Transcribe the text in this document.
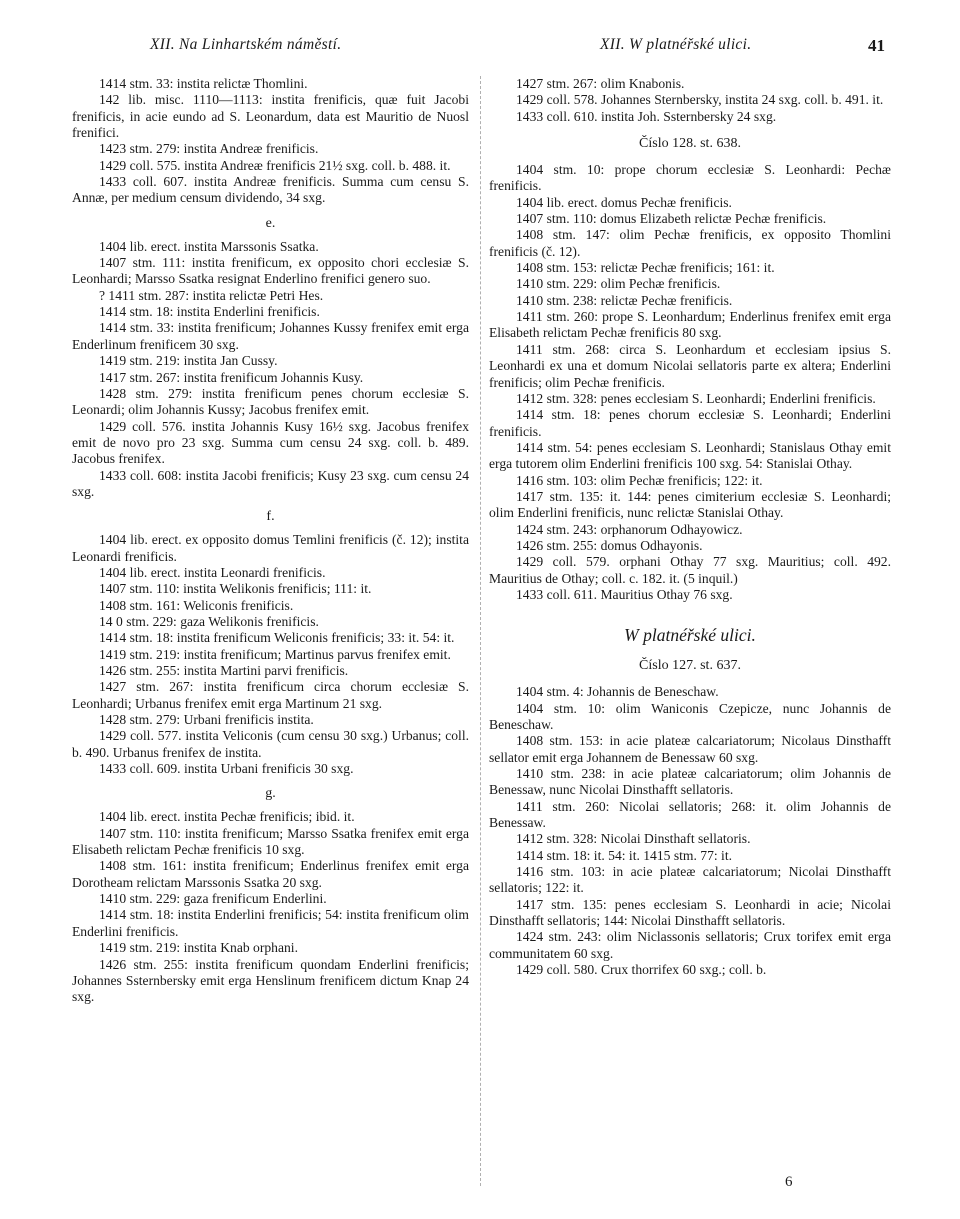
XII. Na Linhartském náměstí.	XII. W platnéřské ulici.	41

1414 stm. 33: instita relictæ Thomlini.

142 lib. misc. 1110—1113: instita frenificis, quæ fuit Jacobi frenificis, in acie eundo ad S. Leonardum, data est Mauritio de Nuosl frenifici.

1423 stm. 279: instita Andreæ frenificis.

1429 coll. 575. instita Andreæ frenificis 21½ sxg. coll. b. 488. it.

1433 coll. 607. instita Andreæ frenificis. Summa cum censu S. Annæ, per medium censum dividendo, 34 sxg.

e.

1404 lib. erect. instita Marssonis Ssatka.

1407 stm. 111: instita frenificum, ex opposito chori ecclesiæ S. Leonhardi; Marsso Ssatka resignat Enderlino frenifici genero suo.

? 1411 stm. 287: instita relictæ Petri Hes.

1414 stm. 18: instita Enderlini frenificis.

1414 stm. 33: instita frenificum; Johannes Kussy frenifex emit erga Enderlinum frenificem 30 sxg.

1419 stm. 219: instita Jan Cussy.

1417 stm. 267: instita frenificum Johannis Kusy.

1428 stm. 279: instita frenificum penes chorum ecclesiæ S. Leonardi; olim Johannis Kussy; Jacobus frenifex emit.

1429 coll. 576. instita Johannis Kusy 16½ sxg. Jacobus frenifex emit de novo pro 23 sxg. Summa cum censu 24 sxg. coll. b. 489. Jacobus frenifex.

1433 coll. 608: instita Jacobi frenificis; Kusy 23 sxg. cum censu 24 sxg.

f.

1404 lib. erect. ex opposito domus Temlini frenificis (č. 12); instita Leonardi frenificis.

1404 lib. erect. instita Leonardi frenificis.

1407 stm. 110: instita Welikonis frenificis; 111: it.

1408 stm. 161: Weliconis frenificis.

14 0 stm. 229: gaza Welikonis frenificis.

1414 stm. 18: instita frenificum Weliconis frenificis; 33: it. 54: it.

1419 stm. 219: instita frenificum; Martinus parvus frenifex emit.

1426 stm. 255: instita Martini parvi frenificis.

1427 stm. 267: instita frenificum circa chorum ecclesiæ S. Leonhardi; Urbanus frenifex emit erga Martinum 21 sxg.

1428 stm. 279: Urbani frenificis instita.

1429 coll. 577. instita Veliconis (cum censu 30 sxg.) Urbanus; coll. b. 490. Urbanus frenifex de instita.

1433 coll. 609. instita Urbani frenificis 30 sxg.

g.

1404 lib. erect. instita Pechæ frenificis; ibid. it.

1407 stm. 110: instita frenificum; Marsso Ssatka frenifex emit erga Elisabeth relictam Pechæ frenificis 10 sxg.

1408 stm. 161: instita frenificum; Enderlinus frenifex emit erga Dorotheam relictam Marssonis Ssatka 20 sxg.

1410 stm. 229: gaza frenificum Enderlini.

1414 stm. 18: instita Enderlini frenificis; 54: instita frenificum olim Enderlini frenificis.

1419 stm. 219: instita Knab orphani.

1426 stm. 255: instita frenificum quondam Enderlini frenificis; Johannes Ssternbersky emit erga Henslinum frenificem dictum Knap 24 sxg.

1427 stm. 267: olim Knabonis.

1429 coll. 578. Johannes Sternbersky, instita 24 sxg. coll. b. 491. it.

1433 coll. 610. instita Joh. Ssternbersky 24 sxg.

Číslo 128. st. 638.

1404 stm. 10: prope chorum ecclesiæ S. Leonhardi: Pechæ frenificis.

1404 lib. erect. domus Pechæ frenificis.

1407 stm. 110: domus Elizabeth relictæ Pechæ frenificis.

1408 stm. 147: olim Pechæ frenificis, ex opposito Thomlini frenificis (č. 12).

1408 stm. 153: relictæ Pechæ frenificis; 161: it.

1410 stm. 229: olim Pechæ frenificis.

1410 stm. 238: relictæ Pechæ frenificis.

1411 stm. 260: prope S. Leonhardum; Enderlinus frenifex emit erga Elisabeth relictam Pechæ frenificis 80 sxg.

1411 stm. 268: circa S. Leonhardum et ecclesiam ipsius S. Leonhardi ex una et domum Nicolai sellatoris parte ex altera; Enderlini frenificis; olim Pechæ frenificis.

1412 stm. 328: penes ecclesiam S. Leonhardi; Enderlini frenificis.

1414 stm. 18: penes chorum ecclesiæ S. Leonhardi; Enderlini frenificis.

1414 stm. 54: penes ecclesiam S. Leonhardi; Stanislaus Othay emit erga tutorem olim Enderlini frenificis 100 sxg. 54: Stanislai Othay.

1416 stm. 103: olim Pechæ frenificis; 122: it.

1417 stm. 135: it. 144: penes cimiterium ecclesiæ S. Leonhardi; olim Enderlini frenificis, nunc relictæ Stanislai Othay.

1424 stm. 243: orphanorum Odhayowicz.

1426 stm. 255: domus Odhayonis.

1429 coll. 579. orphani Othay 77 sxg. Mauritius; coll. 492. Mauritius de Othay; coll. c. 182. it. (5 inquil.)

1433 coll. 611. Mauritius Othay 76 sxg.

W platnéřské ulici.
Číslo 127. st. 637.

1404 stm. 4: Johannis de Beneschaw.

1404 stm. 10: olim Waniconis Czepicze, nunc Johannis de Beneschaw.

1408 stm. 153: in acie plateæ calcariatorum; Nicolaus Dinsthafft sellator emit erga Johannem de Benessaw 60 sxg.

1410 stm. 238: in acie plateæ calcariatorum; olim Johannis de Benessaw, nunc Nicolai Dinsthafft sellatoris.

1411 stm. 260: Nicolai sellatoris; 268: it. olim Johannis de Benessaw.

1412 stm. 328: Nicolai Dinsthaft sellatoris.

1414 stm. 18: it. 54: it. 1415 stm. 77: it.

1416 stm. 103: in acie plateæ calcariatorum; Nicolai Dinsthafft sellatoris; 122: it.

1417 stm. 135: penes ecclesiam S. Leonhardi in acie; Nicolai Dinsthafft sellatoris; 144: Nicolai Dinsthafft sellatoris.

1424 stm. 243: olim Niclassonis sellatoris; Crux torifex emit erga communitatem 60 sxg.

1429 coll. 580. Crux thorrifex 60 sxg.; coll. b.

6
